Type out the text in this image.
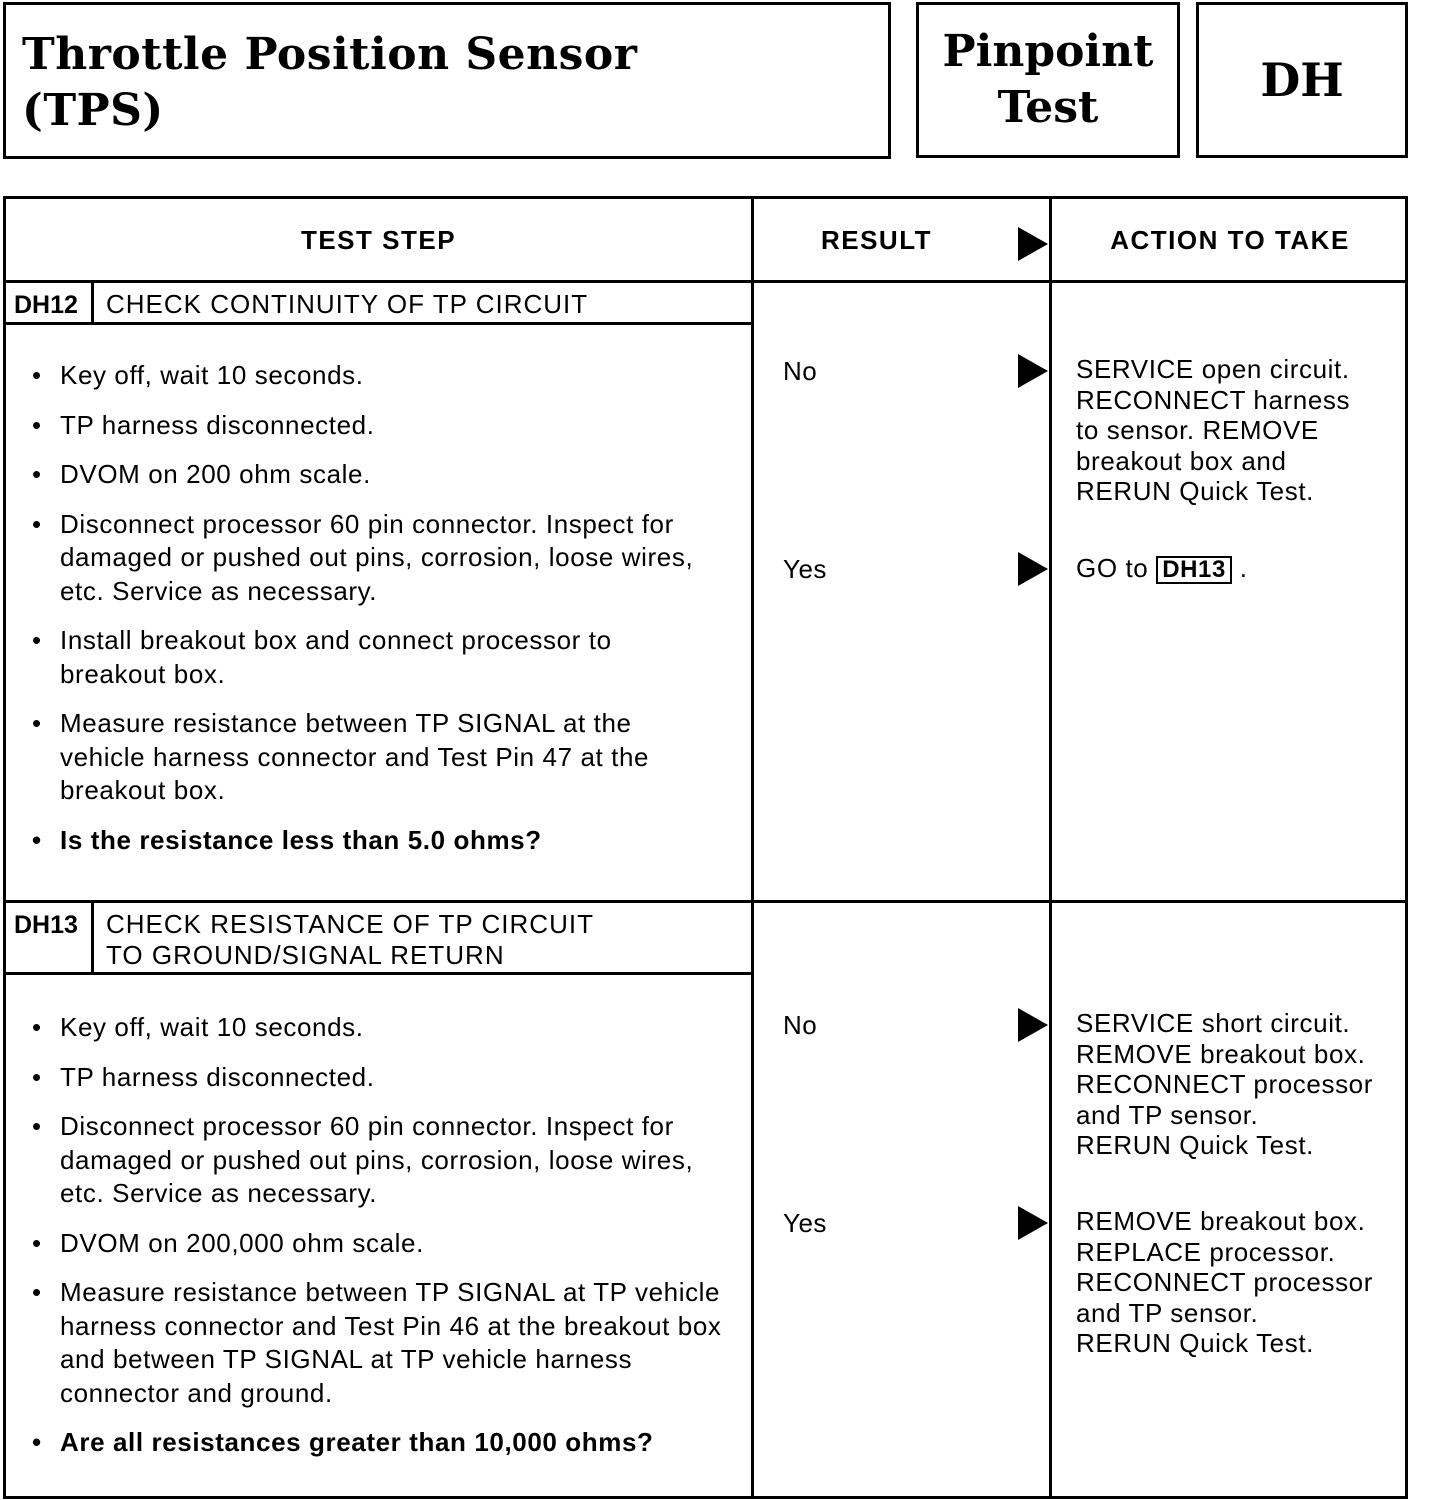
Throttle Position Sensor
(TPS)
Pinpoint
Test
DH
TEST STEP	RESULT	ACTION TO TAKE
DH12 CHECK CONTINUITY OF TP CIRCUIT
• Key off, wait 10 seconds.
• TP harness disconnected.
• DVOM on 200 ohm scale.
• Disconnect processor 60 pin connector. Inspect for damaged or pushed out pins, corrosion, loose wires, etc. Service as necessary.
• Install breakout box and connect processor to breakout box.
• Measure resistance between TP SIGNAL at the vehicle harness connector and Test Pin 47 at the breakout box.
• Is the resistance less than 5.0 ohms?
No	SERVICE open circuit.
RECONNECT harness
to sensor. REMOVE
breakout box and
RERUN Quick Test.
Yes	GO to DH13 .
DH13 CHECK RESISTANCE OF TP CIRCUIT
TO GROUND/SIGNAL RETURN
• Key off, wait 10 seconds.
• TP harness disconnected.
• Disconnect processor 60 pin connector. Inspect for damaged or pushed out pins, corrosion, loose wires, etc. Service as necessary.
• DVOM on 200,000 ohm scale.
• Measure resistance between TP SIGNAL at TP vehicle harness connector and Test Pin 46 at the breakout box and between TP SIGNAL at TP vehicle harness connector and ground.
• Are all resistances greater than 10,000 ohms?
No	SERVICE short circuit.
REMOVE breakout box.
RECONNECT processor
and TP sensor.
RERUN Quick Test.
Yes	REMOVE breakout box.
REPLACE processor.
RECONNECT processor
and TP sensor.
RERUN Quick Test.
